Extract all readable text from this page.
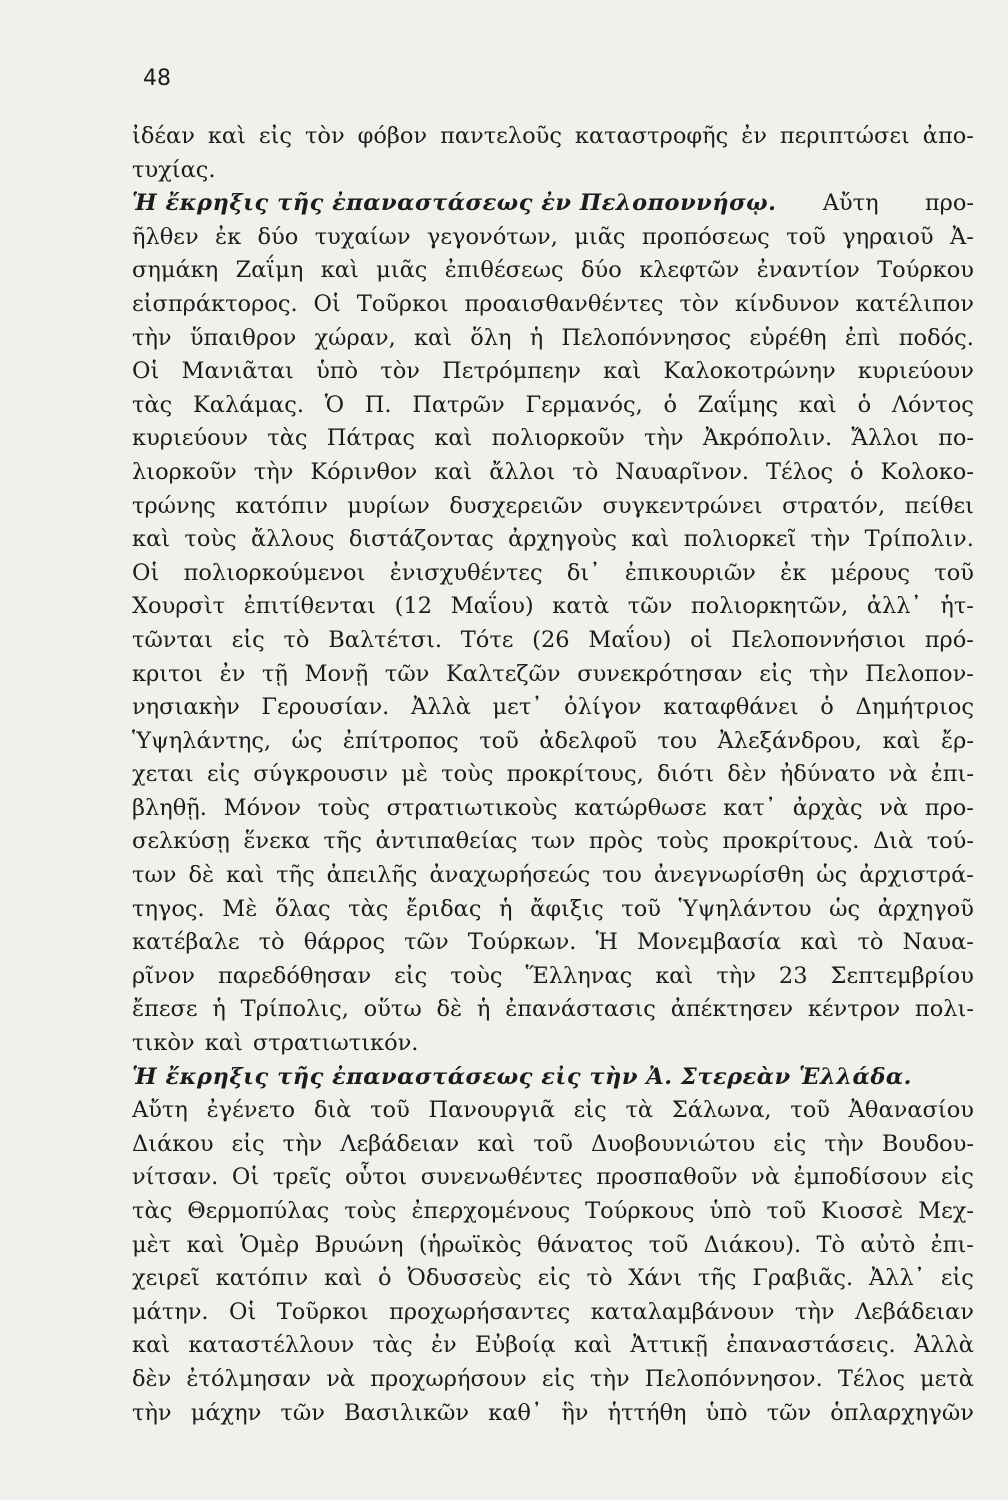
48
ἰδέαν καὶ εἰς τὸν φόβον παντελοῦς καταστροφῆς ἐν περιπτώσει ἀπο-
τυχίας.
Ἡ ἔκρηξις τῆς ἐπαναστάσεως ἐν Πελοποννήσῳ. Αὔτη προ-
ῆλθεν ἐκ δύο τυχαίων γεγονότων, μιᾶς προπόσεως τοῦ γηραιοῦ Ἀ-
σημάκη Ζαΐμη καὶ μιᾶς ἐπιθέσεως δύο κλεφτῶν ἐναντίον Τούρκου
εἰσπράκτορος. Οἱ Τοῦρκοι προαισθανθέντες τὸν κίνδυνον κατέλιπον
τὴν ὕπαιθρον χώραν, καὶ ὅλη ἡ Πελοπόννησος εὑρέθη ἐπὶ ποδός.
Οἱ Μανιᾶται ὑπὸ τὸν Πετρόμπεην καὶ Καλοκοτρώνην κυριεύουν
τὰς Καλάμας. Ὁ Π. Πατρῶν Γερμανός, ὁ Ζαΐμης καὶ ὁ Λόντος
κυριεύουν τὰς Πάτρας καὶ πολιορκοῦν τὴν Ἀκρόπολιν. Ἄλλοι πο-
λιορκοῦν τὴν Κόρινθον καὶ ἄλλοι τὸ Ναυαρῖνον. Τέλος ὁ Κολοκο-
τρώνης κατόπιν μυρίων δυσχερειῶν συγκεντρώνει στρατόν, πείθει
καὶ τοὺς ἄλλους διστάζοντας ἀρχηγοὺς καὶ πολιορκεῖ τὴν Τρίπολιν.
Οἱ πολιορκούμενοι ἐνισχυθέντες δι᾽ ἐπικουριῶν ἐκ μέρους τοῦ
Χουρσὶτ ἐπιτίθενται (12 Μαΐου) κατὰ τῶν πολιορκητῶν, ἀλλ᾽ ἡτ-
τῶνται εἰς τὸ Βαλτέτσι. Τότε (26 Μαΐου) οἱ Πελοποννήσιοι πρό-
κριτοι ἐν τῇ Μονῇ τῶν Καλτεζῶν συνεκρότησαν εἰς τὴν Πελοπον-
νησιακὴν Γερουσίαν. Ἀλλὰ μετ᾽ ὀλίγον καταφθάνει ὁ Δημήτριος
Ὑψηλάντης, ὡς ἐπίτροπος τοῦ ἀδελφοῦ του Ἀλεξάνδρου, καὶ ἔρ-
χεται εἰς σύγκρουσιν μὲ τοὺς προκρίτους, διότι δὲν ἠδύνατο νὰ ἐπι-
βληθῇ. Μόνον τοὺς στρατιωτικοὺς κατώρθωσε κατ᾽ ἀρχὰς νὰ προ-
σελκύσῃ ἕνεκα τῆς ἀντιπαθείας των πρὸς τοὺς προκρίτους. Διὰ τού-
των δὲ καὶ τῆς ἀπειλῆς ἀναχωρήσεώς του ἀνεγνωρίσθη ὡς ἀρχιστρά-
τηγος. Μὲ ὅλας τὰς ἔριδας ἡ ἄφιξις τοῦ Ὑψηλάντου ὡς ἀρχηγοῦ
κατέβαλε τὸ θάρρος τῶν Τούρκων. Ἡ Μονεμβασία καὶ τὸ Ναυα-
ρῖνον παρεδόθησαν εἰς τοὺς Ἕλληνας καὶ τὴν 23 Σεπτεμβρίου
ἔπεσε ἡ Τρίπολις, οὕτω δὲ ἡ ἐπανάστασις ἀπέκτησεν κέντρον πολι-
τικὸν καὶ στρατιωτικόν.
Ἡ ἔκρηξις τῆς ἐπαναστάσεως εἰς τὴν Ἀ. Στερεὰν Ἑλλάδα.
Αὔτη ἐγένετο διὰ τοῦ Πανουργιᾶ εἰς τὰ Σάλωνα, τοῦ Ἀθανασίου
Διάκου εἰς τὴν Λεβάδειαν καὶ τοῦ Δυοβουνιώτου εἰς τὴν Βουδου-
νίτσαν. Οἱ τρεῖς οὗτοι συνενωθέντες προσπαθοῦν νὰ ἐμποδίσουν εἰς
τὰς Θερμοπύλας τοὺς ἐπερχομένους Τούρκους ὑπὸ τοῦ Κιοσσὲ Μεχ-
μὲτ καὶ Ὁμὲρ Βρυώνη (ἡρωϊκὸς θάνατος τοῦ Διάκου). Τὸ αὐτὸ ἐπι-
χειρεῖ κατόπιν καὶ ὁ Ὀδυσσεὺς εἰς τὸ Χάνι τῆς Γραβιᾶς. Ἀλλ᾽ εἰς
μάτην. Οἱ Τοῦρκοι προχωρήσαντες καταλαμβάνουν τὴν Λεβάδειαν
καὶ καταστέλλουν τὰς ἐν Εὐβοίᾳ καὶ Ἀττικῇ ἐπαναστάσεις. Ἀλλὰ
δὲν ἐτόλμησαν νὰ προχωρήσουν εἰς τὴν Πελοπόννησον. Τέλος μετὰ
τὴν μάχην τῶν Βασιλικῶν καθ᾽ ἣν ἡττήθη ὑπὸ τῶν ὁπλαρχηγῶν
